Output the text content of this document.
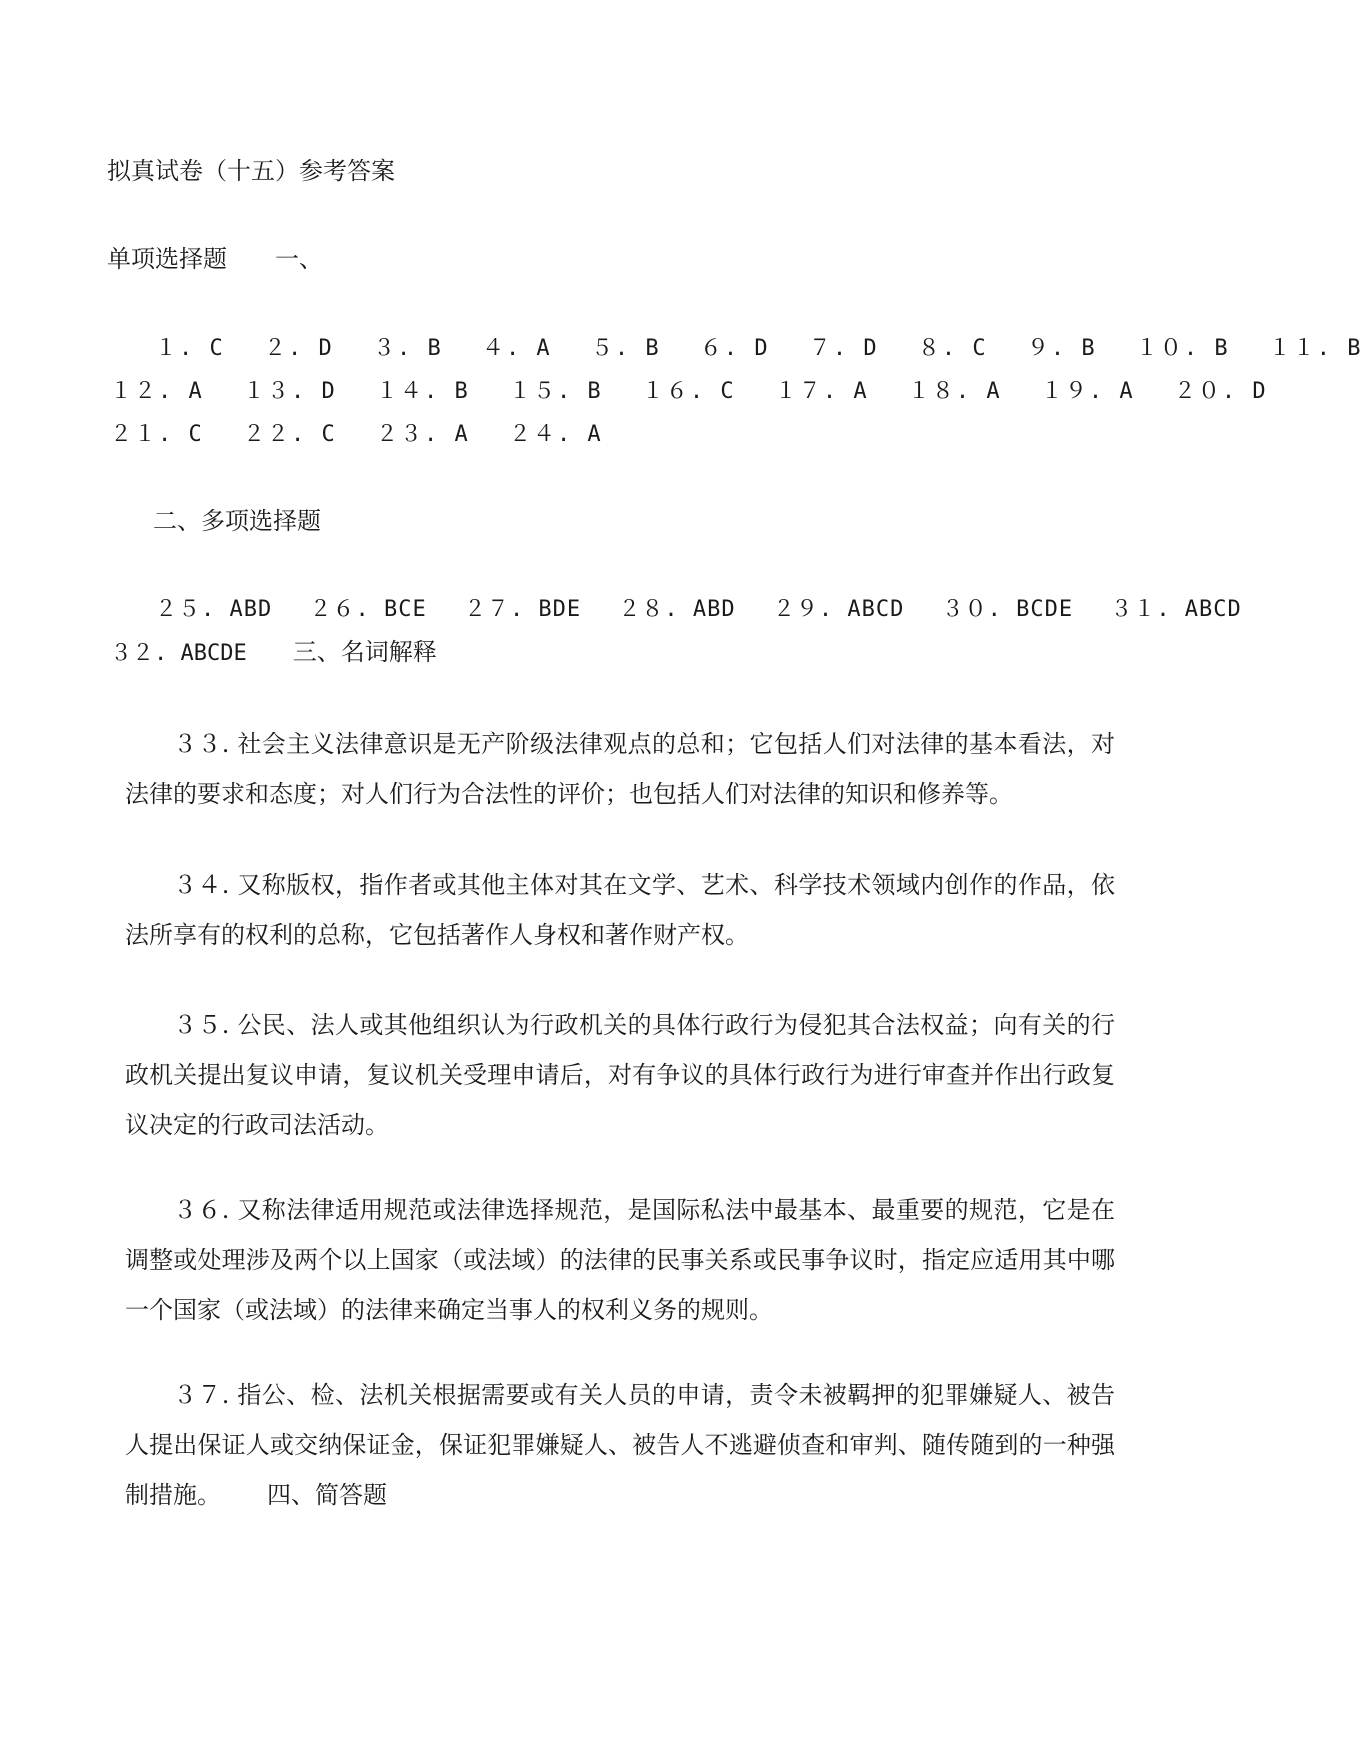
拟真试卷（十五）参考答案
单项选择题 一、
１. C　 ２. D　 ３. B　 ４. A　 ５. B　 ６. D　 ７. D　 ８. C　 ９. B　 １０. B　 １１. B
１２. A　 １３. D　 １４. B　 １５. B　 １６. C　 １７. A　 １８. A　 １９. A　 ２０. D
２１. C　 ２２. C　 ２３. A　 ２４. A
二、多项选择题
２５. ABD　 ２６. BCE　 ２７. BDE　 ２８. ABD　 ２９. ABCD　 ３０. BCDE　 ３１. ABCD
３２. ABCDE 三、名词解释
３３. 社会主义法律意识是无产阶级法律观点的总和；它包括人们对法律的基本看法，对法律的要求和态度；对人们行为合法性的评价；也包括人们对法律的知识和修养等。
３４. 又称版权，指作者或其他主体对其在文学、艺术、科学技术领域内创作的作品，依法所享有的权利的总称，它包括著作人身权和著作财产权。
３５. 公民、法人或其他组织认为行政机关的具体行政行为侵犯其合法权益；向有关的行政机关提出复议申请，复议机关受理申请后，对有争议的具体行政行为进行审查并作出行政复议决定的行政司法活动。
３６. 又称法律适用规范或法律选择规范，是国际私法中最基本、最重要的规范，它是在调整或处理涉及两个以上国家（或法域）的法律的民事关系或民事争议时，指定应适用其中哪一个国家（或法域）的法律来确定当事人的权利义务的规则。
３７. 指公、检、法机关根据需要或有关人员的申请，责令未被羁押的犯罪嫌疑人、被告人提出保证人或交纳保证金，保证犯罪嫌疑人、被告人不逃避侦查和审判、随传随到的一种强制措施。 四、简答题
